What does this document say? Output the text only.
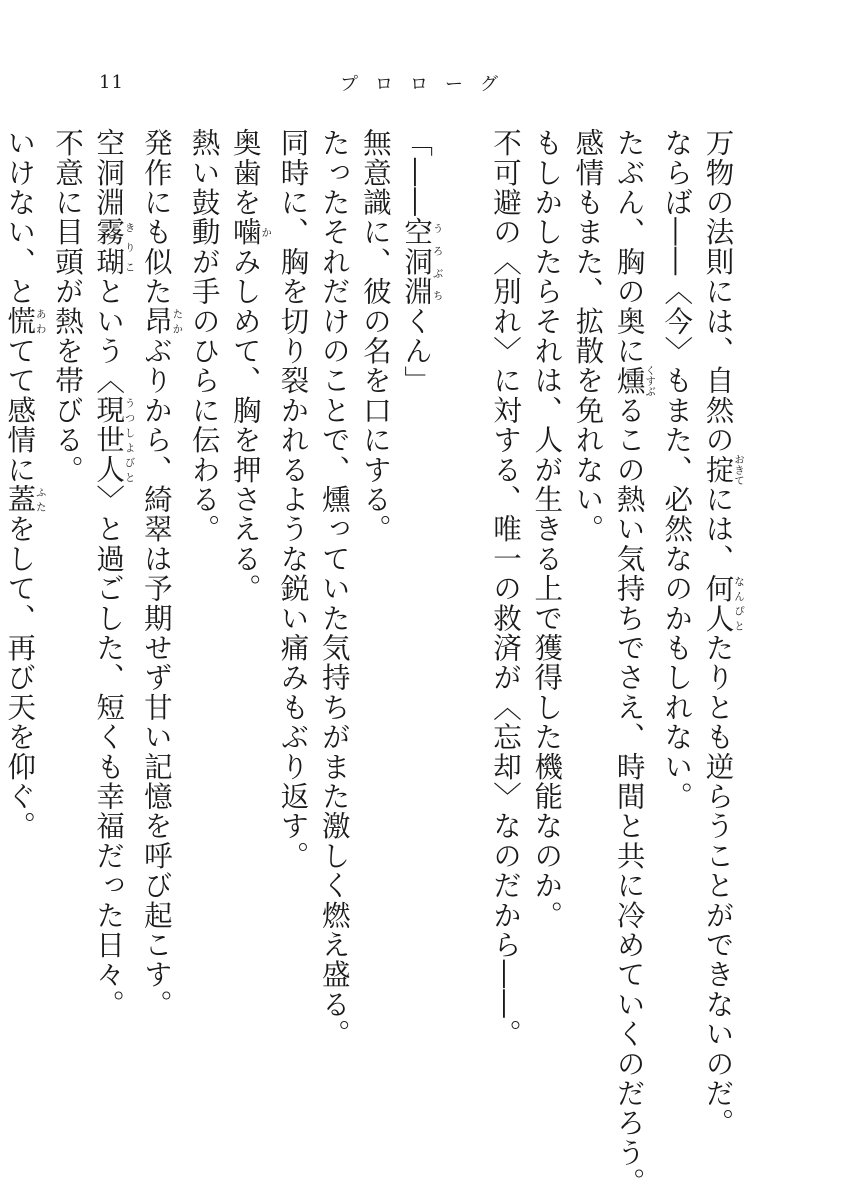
11	プロローグ
万物の法則には、自然の掟おきてには、何人なんぴとたりとも逆らうことができないのだ。
ならば――〈今〉もまた、必然なのかもしれない。
たぶん、胸の奥に燻くすぶるこの熱い気持ちでさえ、時間と共に冷めていくのだろう。
感情もまた、拡散を免れない。
もしかしたらそれは、人が生きる上で獲得した機能なのか。
不可避の〈別れ〉に対する、唯一の救済が〈忘却〉なのだから――。
「――空洞淵うろぶちくん」
無意識に、彼の名を口にする。
たったそれだけのことで、燻っていた気持ちがまた激しく燃え盛る。
同時に、胸を切り裂かれるような鋭い痛みもぶり返す。
奥歯を噛かみしめて、胸を押さえる。
熱い鼓動が手のひらに伝わる。
発作にも似た昂たかぶりから、綺翠は予期せず甘い記憶を呼び起こす。
空洞淵霧瑚きりこという〈現世人うつしよびと〉と過ごした、短くも幸福だった日々。
不意に目頭が熱を帯びる。
いけない、と慌あわてて感情に蓋ふたをして、再び天を仰ぐ。
